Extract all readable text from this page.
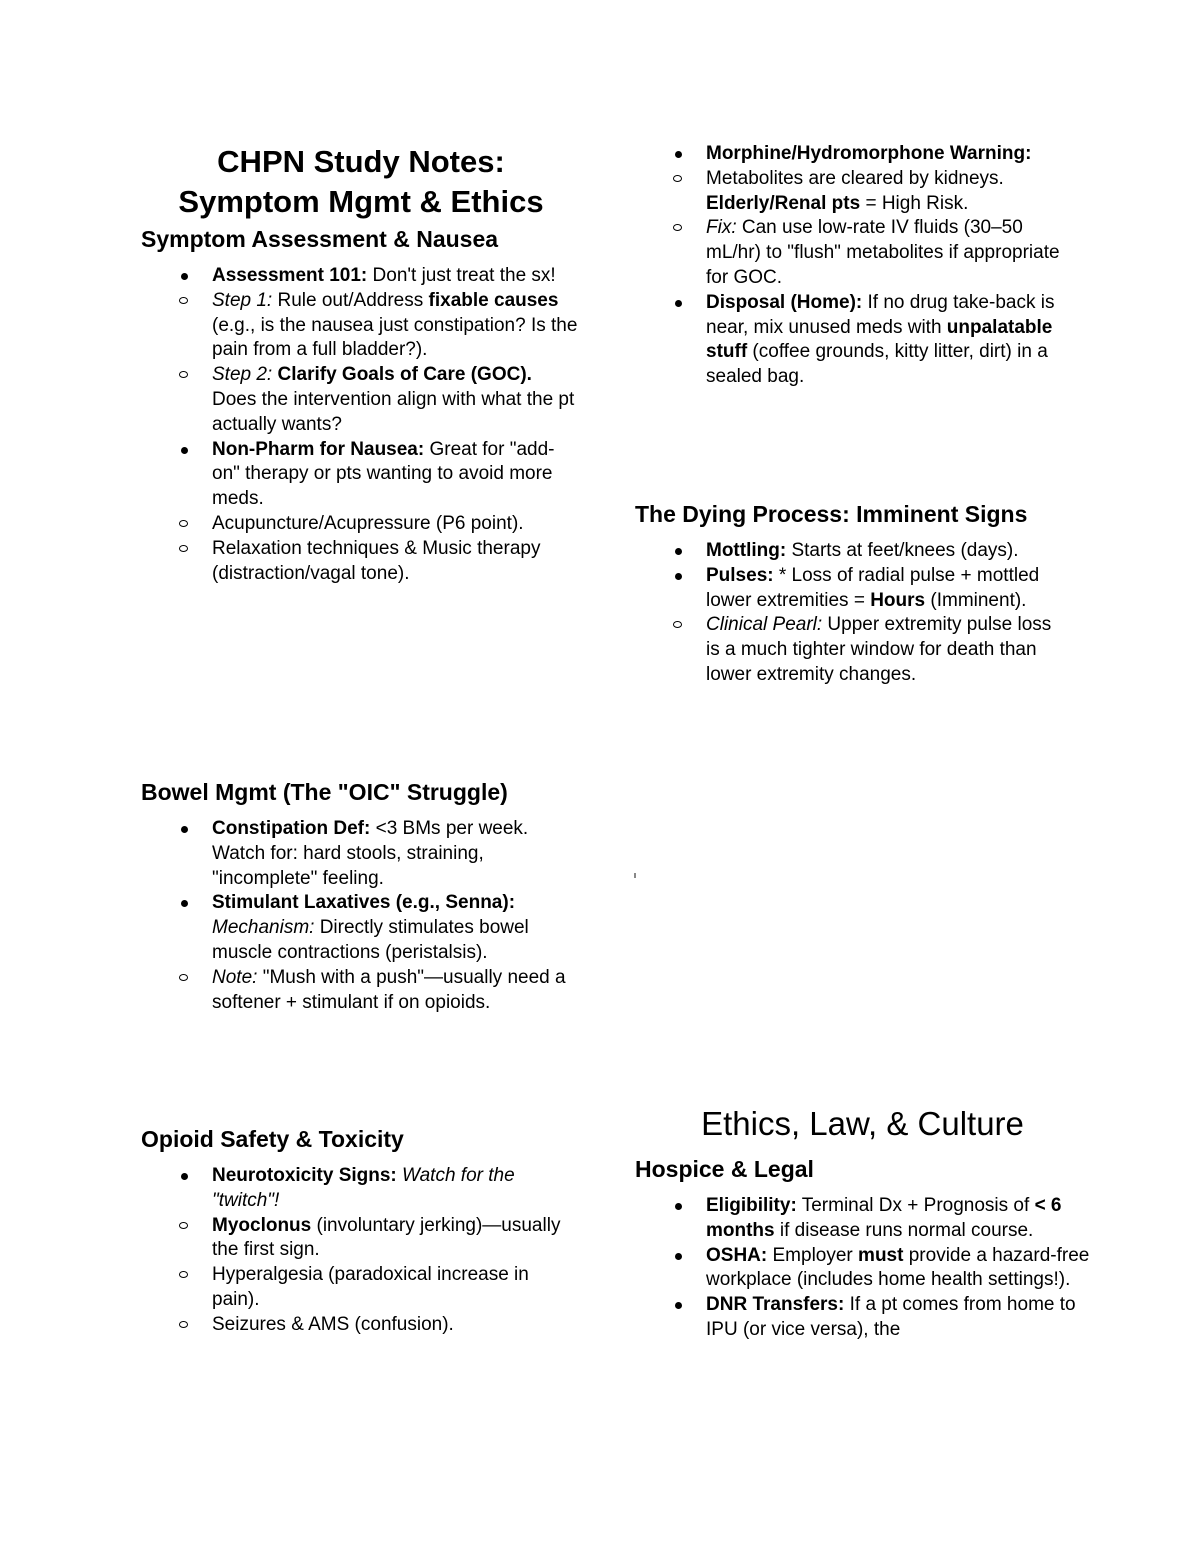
CHPN Study Notes:
Symptom Mgmt & Ethics
Symptom Assessment & Nausea
Assessment 101: Don't just treat the sx!
Step 1: Rule out/Address fixable causes (e.g., is the nausea just constipation? Is the pain from a full bladder?).
Step 2: Clarify Goals of Care (GOC). Does the intervention align with what the pt actually wants?
Non-Pharm for Nausea: Great for "add-on" therapy or pts wanting to avoid more meds.
Acupuncture/Acupressure (P6 point).
Relaxation techniques & Music therapy (distraction/vagal tone).
Bowel Mgmt (The "OIC" Struggle)
Constipation Def: <3 BMs per week. Watch for: hard stools, straining, "incomplete" feeling.
Stimulant Laxatives (e.g., Senna):
Mechanism: Directly stimulates bowel muscle contractions (peristalsis).
Note: "Mush with a push"—usually need a softener + stimulant if on opioids.
Opioid Safety & Toxicity
Neurotoxicity Signs: Watch for the "twitch"!
Myoclonus (involuntary jerking)—usually the first sign.
Hyperalgesia (paradoxical increase in pain).
Seizures & AMS (confusion).
Morphine/Hydromorphone Warning:
Metabolites are cleared by kidneys. Elderly/Renal pts = High Risk.
Fix: Can use low-rate IV fluids (30–50 mL/hr) to "flush" metabolites if appropriate for GOC.
Disposal (Home): If no drug take-back is near, mix unused meds with unpalatable stuff (coffee grounds, kitty litter, dirt) in a sealed bag.
The Dying Process: Imminent Signs
Mottling: Starts at feet/knees (days).
Pulses: * Loss of radial pulse + mottled lower extremities = Hours (Imminent).
Clinical Pearl: Upper extremity pulse loss is a much tighter window for death than lower extremity changes.
Ethics, Law, & Culture
Hospice & Legal
Eligibility: Terminal Dx + Prognosis of < 6 months if disease runs normal course.
OSHA: Employer must provide a hazard-free workplace (includes home health settings!).
DNR Transfers: If a pt comes from home to IPU (or vice versa), the
